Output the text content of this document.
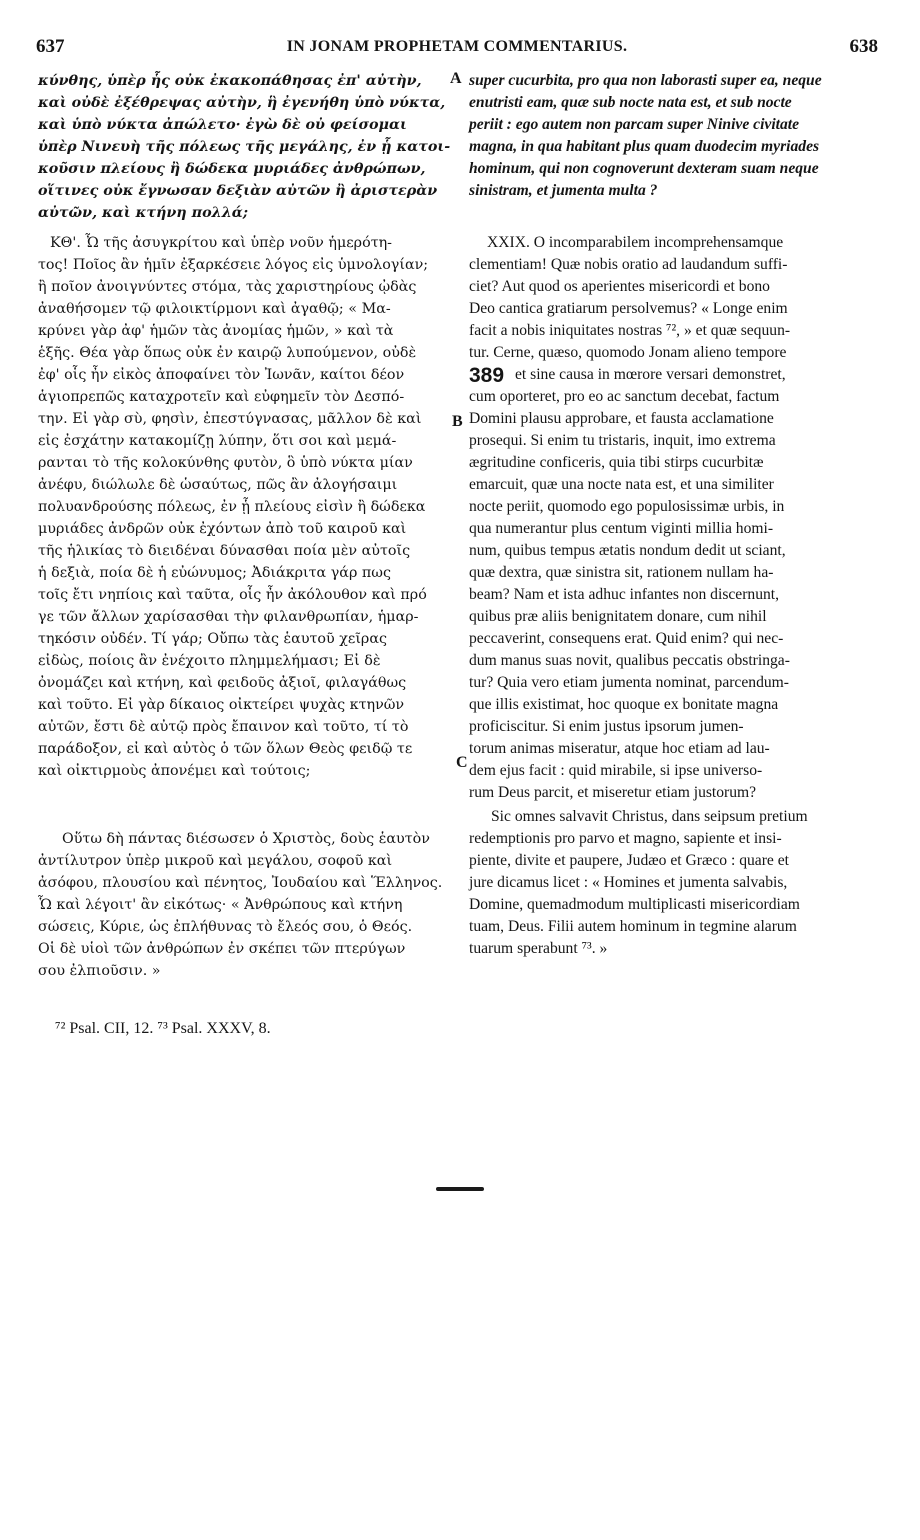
637	IN JONAM PROPHETAM COMMENTARIUS.	638
κύνθης, ὑπὲρ ἧς οὐκ ἐκακοπάθησας ἐπ' αὐτὴν,
καὶ οὐδὲ ἐξέθρεψας αὐτὴν, ἣ ἐγενήθη ὑπὸ νύκτα,
καὶ ὑπὸ νύκτα ἀπώλετο· ἐγὼ δὲ οὐ φείσομαι
ὑπὲρ Νινευὴ τῆς πόλεως τῆς μεγάλης, ἐν ᾗ κατοι-
κοῦσιν πλείους ἢ δώδεκα μυριάδες ἀνθρώπων,
οἵτινες οὐκ ἔγνωσαν δεξιὰν αὐτῶν ἢ ἀριστερὰν
αὐτῶν, καὶ κτήνη πολλά;
ΚΘ'. Ὦ τῆς ἀσυγκρίτου καὶ ὑπὲρ νοῦν ἡμερότη-
τος! Ποῖος ἂν ἡμῖν ἐξαρκέσειε λόγος εἰς ὑμνολογίαν;
ἢ ποῖον ἀνοιγνύντες στόμα, τὰς χαριστηρίους ᾠδὰς
ἀναθήσομεν τῷ φιλοικτίρμονι καὶ ἀγαθῷ; « Μα-
κρύνει γὰρ ἀφ' ἡμῶν τὰς ἀνομίας ἡμῶν, » καὶ τὰ
ἑξῆς. Θέα γὰρ ὅπως οὐκ ἐν καιρῷ λυπούμενον, οὐδὲ
ἐφ' οἷς ἦν εἰκὸς ἀποφαίνει τὸν Ἰωνᾶν, καίτοι δέον
ἁγιοπρεπῶς καταχροτεῖν καὶ εὐφημεῖν τὸν Δεσπό-
την. Εἰ γὰρ σὺ, φησὶν, ἐπεστύγνασας, μᾶλλον δὲ καὶ
εἰς ἐσχάτην κατακομίζῃ λύπην, ὅτι σοι καὶ μεμά-
ρανται τὸ τῆς κολοκύνθης φυτὸν, ὃ ὑπὸ νύκτα μίαν
ἀνέφυ, διώλωλε δὲ ὡσαύτως, πῶς ἂν ἀλογήσαιμι
πολυανδρούσης πόλεως, ἐν ᾗ πλείους εἰσὶν ἢ δώδεκα
μυριάδες ἀνδρῶν οὐκ ἐχόντων ἀπὸ τοῦ καιροῦ καὶ
τῆς ἡλικίας τὸ διειδέναι δύνασθαι ποία μὲν αὐτοῖς
ἡ δεξιὰ, ποία δὲ ἡ εὐώνυμος; Ἀδιάκριτα γάρ πως
τοῖς ἔτι νηπίοις καὶ ταῦτα, οἷς ἦν ἀκόλουθον καὶ πρό
γε τῶν ἄλλων χαρίσασθαι τὴν φιλανθρωπίαν, ἡμαρ-
τηκόσιν οὐδέν. Τί γάρ; Οὔπω τὰς ἑαυτοῦ χεῖρας
εἰδὼς, ποίοις ἂν ἐνέχοιτο πλημμελήμασι; Εἰ δὲ
ὀνομάζει καὶ κτήνη, καὶ φειδοῦς ἀξιοῖ, φιλαγάθως
καὶ τοῦτο. Εἰ γὰρ δίκαιος οἰκτείρει ψυχὰς κτηνῶν
αὐτῶν, ἔστι δὲ αὐτῷ πρὸς ἔπαινον καὶ τοῦτο, τί τὸ
παράδοξον, εἰ καὶ αὐτὸς ὁ τῶν ὅλων Θεὸς φειδῷ τε
καὶ οἰκτιρμοὺς ἀπονέμει καὶ τούτοις;
Οὕτω δὴ πάντας διέσωσεν ὁ Χριστὸς, δοὺς ἑαυτὸν
ἀντίλυτρον ὑπὲρ μικροῦ καὶ μεγάλου, σοφοῦ καὶ
ἀσόφου, πλουσίου καὶ πένητος, Ἰουδαίου καὶ Ἕλληνος.
Ὧ καὶ λέγοιτ' ἂν εἰκότως· « Ἀνθρώπους καὶ κτήνη
σώσεις, Κύριε, ὡς ἐπλήθυνας τὸ ἔλεός σου, ὁ Θεός.
Οἱ δὲ υἱοὶ τῶν ἀνθρώπων ἐν σκέπει τῶν πτερύγων
σου ἐλπιοῦσιν. »
A
B
C
super cucurbita, pro qua non laborasti super ea, neque
enutristi eam, quæ sub nocte nata est, et sub nocte
periit : ego autem non parcam super Ninive civitate
magna, in qua habitant plus quam duodecim myriades
hominum, qui non cognoverunt dexteram suam neque
sinistram, et jumenta multa ?
XXIX. O incomparabilem incomprehensamque
clementiam! Quæ nobis oratio ad laudandum suffi-
ciet? Aut quod os aperientes misericordi et bono
Deo cantica gratiarum persolvemus? « Longe enim
facit a nobis iniquitates nostras ⁷², » et quæ sequun-
tur. Cerne, quæso, quomodo Jonam alieno tempore
et sine causa in mœrore versari demonstret,
cum oporteret, pro eo ac sanctum decebat, factum
Domini plausu approbare, et fausta acclamatione
prosequi. Si enim tu tristaris, inquit, imo extrema
ægritudine conficeris, quia tibi stirps cucurbitæ
emarcuit, quæ una nocte nata est, et una similiter
nocte periit, quomodo ego populosissimæ urbis, in
qua numerantur plus centum viginti millia homi-
num, quibus tempus ætatis nondum dedit ut sciant,
quæ dextra, quæ sinistra sit, rationem nullam ha-
beam? Nam et ista adhuc infantes non discernunt,
quibus præ aliis benignitatem donare, cum nihil
peccaverint, consequens erat. Quid enim? qui nec-
dum manus suas novit, qualibus peccatis obstringa-
tur? Quia vero etiam jumenta nominat, parcendum-
que illis existimat, hoc quoque ex bonitate magna
proficiscitur. Si enim justus ipsorum jumen-
torum animas miseratur, atque hoc etiam ad lau-
dem ejus facit : quid mirabile, si ipse universo-
rum Deus parcit, et miseretur etiam justorum?
Sic omnes salvavit Christus, dans seipsum pretium
redemptionis pro parvo et magno, sapiente et insi-
piente, divite et paupere, Judæo et Græco : quare et
jure dicamus licet : « Homines et jumenta salvabis,
Domine, quemadmodum multiplicasti misericordiam
tuam, Deus. Filii autem hominum in tegmine alarum
tuarum sperabunt ⁷³. »
389
⁷² Psal. CII, 12. ⁷³ Psal. XXXV, 8.
